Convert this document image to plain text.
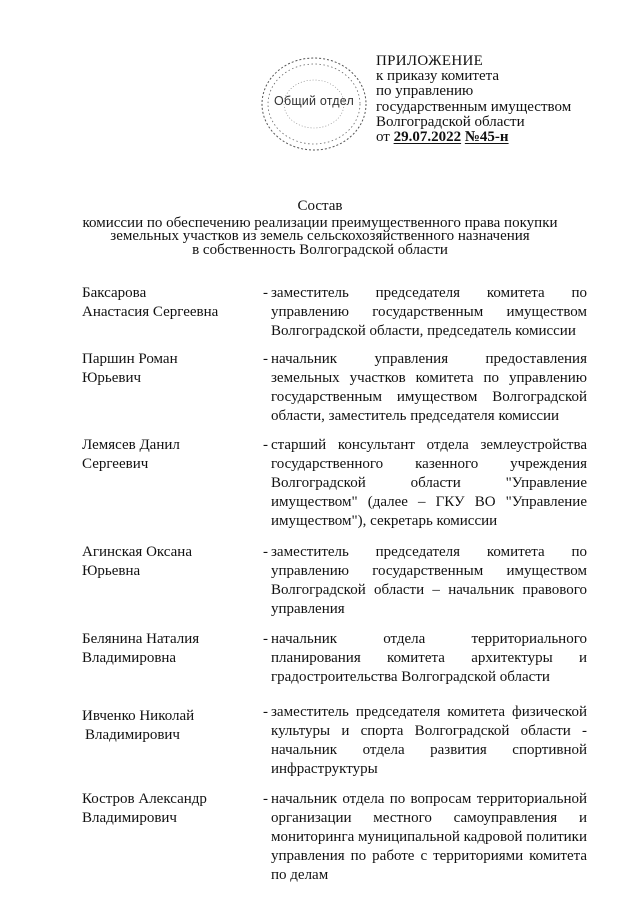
Общий отдел
ПРИЛОЖЕНИЕ
к приказу комитета
по управлению
государственным имуществом
Волгоградской области
от 29.07.2022 №45-н
Состав
комиссии по обеспечению реализации преимущественного права покупки
земельных участков из земель сельскохозяйственного назначения
в собственность Волгоградской области
Баксарова
Анастасия Сергеевна
- заместитель председателя комитета по управлению государственным имуществом Волгоградской области, председатель комиссии
Паршин Роман
Юрьевич
- начальник управления предоставления земельных участков комитета по управлению государственным имуществом Волгоградской области, заместитель председателя комиссии
Лемясев Данил
Сергеевич
- старший консультант отдела землеустройства государственного казенного учреждения Волгоградской области "Управление имуществом" (далее – ГКУ ВО "Управление имуществом"), секретарь комиссии
Агинская Оксана
Юрьевна
- заместитель председателя комитета по управлению государственным имуществом Волгоградской области – начальник правового управления
Белянина Наталия
Владимировна
- начальник отдела территориального планирования комитета архитектуры и градостроительства Волгоградской области
Ивченко Николай
Владимирович
- заместитель председателя комитета физической культуры и спорта Волгоградской области - начальник отдела развития спортивной инфраструктуры
Костров Александр
Владимирович
- начальник отдела по вопросам территориальной организации местного самоуправления и мониторинга муниципальной кадровой политики управления по работе с территориями комитета по делам
